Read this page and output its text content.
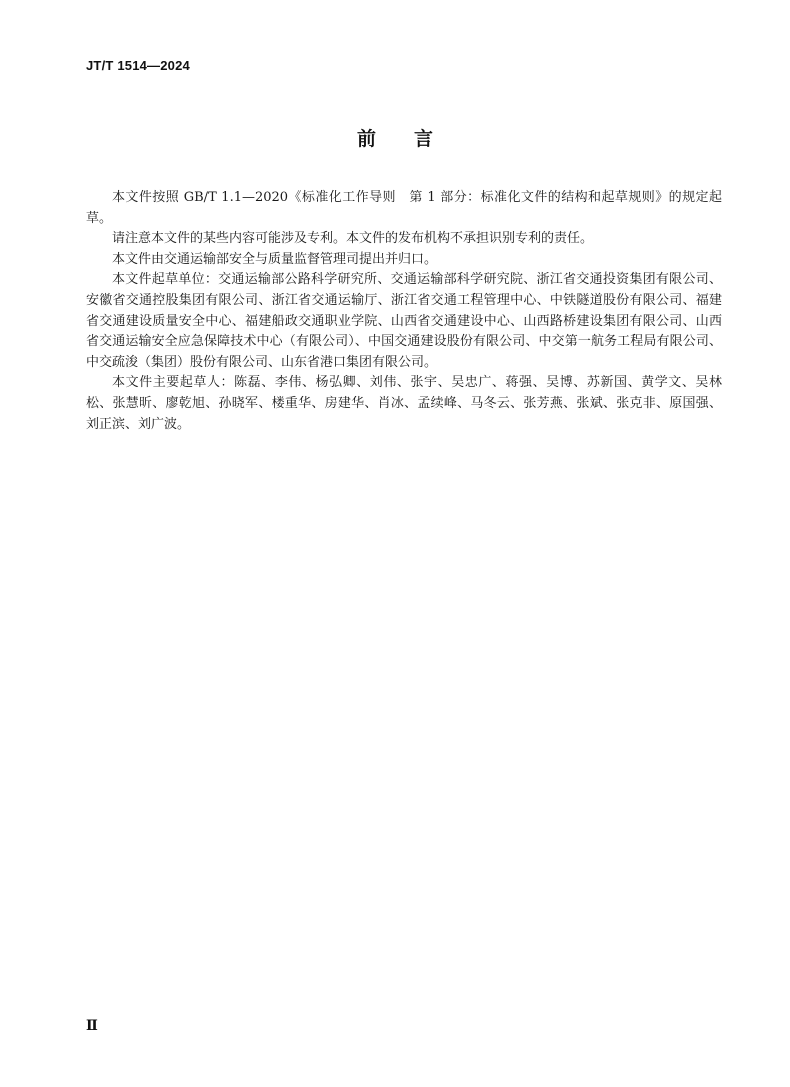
JT/T 1514—2024
前言

本文件按照 GB/T 1.1—2020《标准化工作导则　第 1 部分：标准化文件的结构和起草规则》的规定起草。

请注意本文件的某些内容可能涉及专利。本文件的发布机构不承担识别专利的责任。

本文件由交通运输部安全与质量监督管理司提出并归口。

本文件起草单位：交通运输部公路科学研究所、交通运输部科学研究院、浙江省交通投资集团有限公司、安徽省交通控股集团有限公司、浙江省交通运输厅、浙江省交通工程管理中心、中铁隧道股份有限公司、福建省交通建设质量安全中心、福建船政交通职业学院、山西省交通建设中心、山西路桥建设集团有限公司、山西省交通运输安全应急保障技术中心（有限公司）、中国交通建设股份有限公司、中交第一航务工程局有限公司、中交疏浚（集团）股份有限公司、山东省港口集团有限公司。

本文件主要起草人：陈磊、李伟、杨弘卿、刘伟、张宇、吴忠广、蒋强、吴博、苏新国、黄学文、吴林松、张慧昕、廖乾旭、孙晓军、楼重华、房建华、肖冰、孟续峰、马冬云、张芳燕、张斌、张克非、原国强、刘正滨、刘广波。

Ⅱ
